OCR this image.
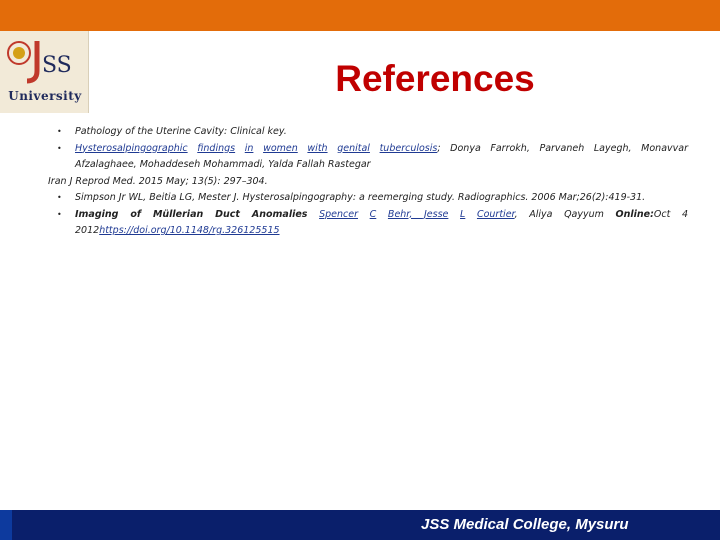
SS
University	References
•	Pathology of the Uterine Cavity: Clinical key.
•	Hysterosalpingographic findings in women with genital tuberculosis; Donya Farrokh, Parvaneh Layegh, Monavvar
Afzalaghaee, Mohaddeseh Mohammadi, Yalda Fallah Rastegar
Iran J Reprod Med. 2015 May; 13(5): 297–304.
•	Simpson Jr WL, Beitia LG, Mester J. Hysterosalpingography: a reemerging study. Radiographics. 2006 Mar;26(2):419-31.
•	Imaging of Müllerian Duct Anomalies Spencer C Behr, Jesse L Courtier, Aliya Qayyum Online:Oct 4
2012https://doi.org/10.1148/rg.326125515
JSS Medical College, Mysuru
